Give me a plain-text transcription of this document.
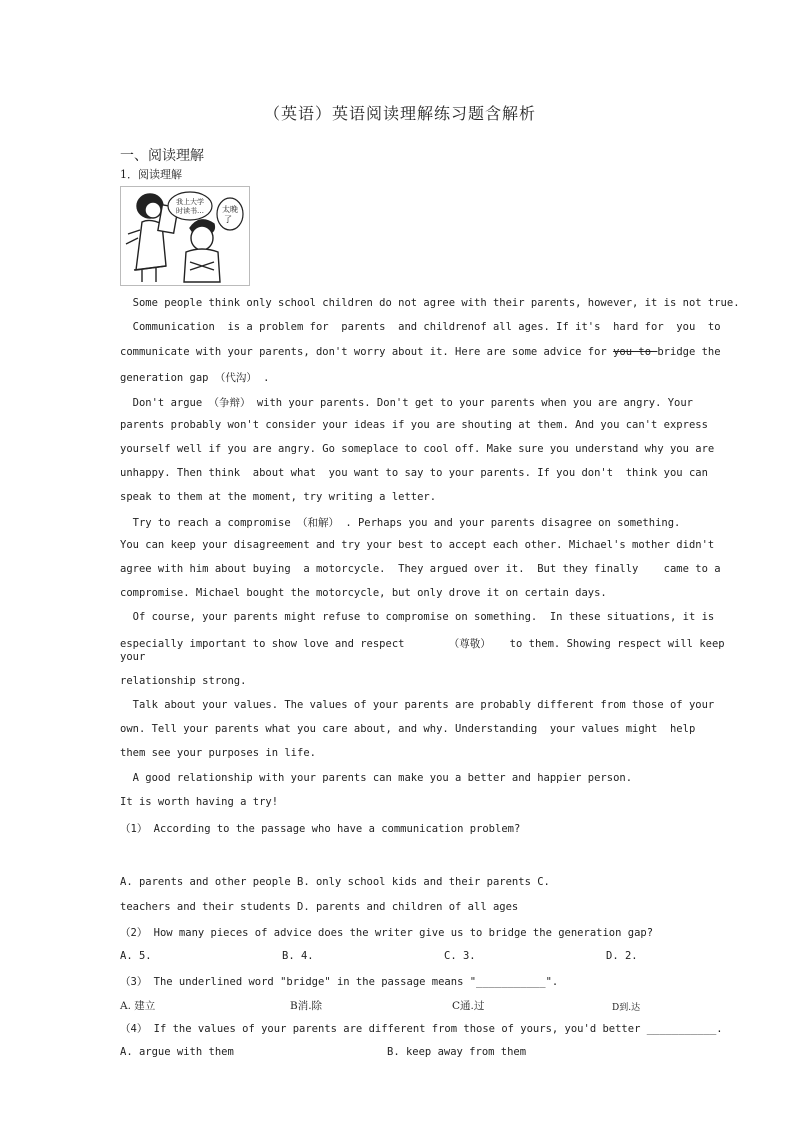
（英语）英语阅读理解练习题含解析
一、阅读理解
1．阅读理解
我上大学
时读书… 太晚
了
Some people think only school children do not agree with their parents, however, it is not true.
Communication  is a problem for  parents  and childrenof all ages. If it's  hard for  you  to
communicate with your parents, don't worry about it. Here are some advice for you to bridge the
generation gap （代沟） .
Don't argue （争辩） with your parents. Don't get to your parents when you are angry. Your
parents probably won't consider your ideas if you are shouting at them. And you can't express
yourself well if you are angry. Go someplace to cool off. Make sure you understand why you are
unhappy. Then think  about what  you want to say to your parents. If you don't  think you can
speak to them at the moment, try writing a letter.
Try to reach a compromise （和解） . Perhaps you and your parents disagree on something.
You can keep your disagreement and try your best to accept each other. Michael's mother didn't
agree with him about buying  a motorcycle.  They argued over it.  But they finally    came to a
compromise. Michael bought the motorcycle, but only drove it on certain days.
Of course, your parents might refuse to compromise on something.  In these situations, it is
especially important to show love and respect       （尊敬）   to them. Showing respect will keep
your
relationship strong.
Talk about your values. The values of your parents are probably different from those of your
own. Tell your parents what you care about, and why. Understanding  your values might  help
them see your purposes in life.
A good relationship with your parents can make you a better and happier person.
It is worth having a try!
（1） According to the passage who have a communication problem?
A. parents and other people B. only school kids and their parents C.
teachers and their students D. parents and children of all ages
（2） How many pieces of advice does the writer give us to bridge the generation gap?
A. 5.	B. 4.	C. 3.	D. 2.
（3） The underlined word "bridge" in the passage means "___________".
A. 建立	B消.除	C通.过	D到.达
（4） If the values of your parents are different from those of yours, you'd better ___________.
A. argue with them	B. keep away from them
